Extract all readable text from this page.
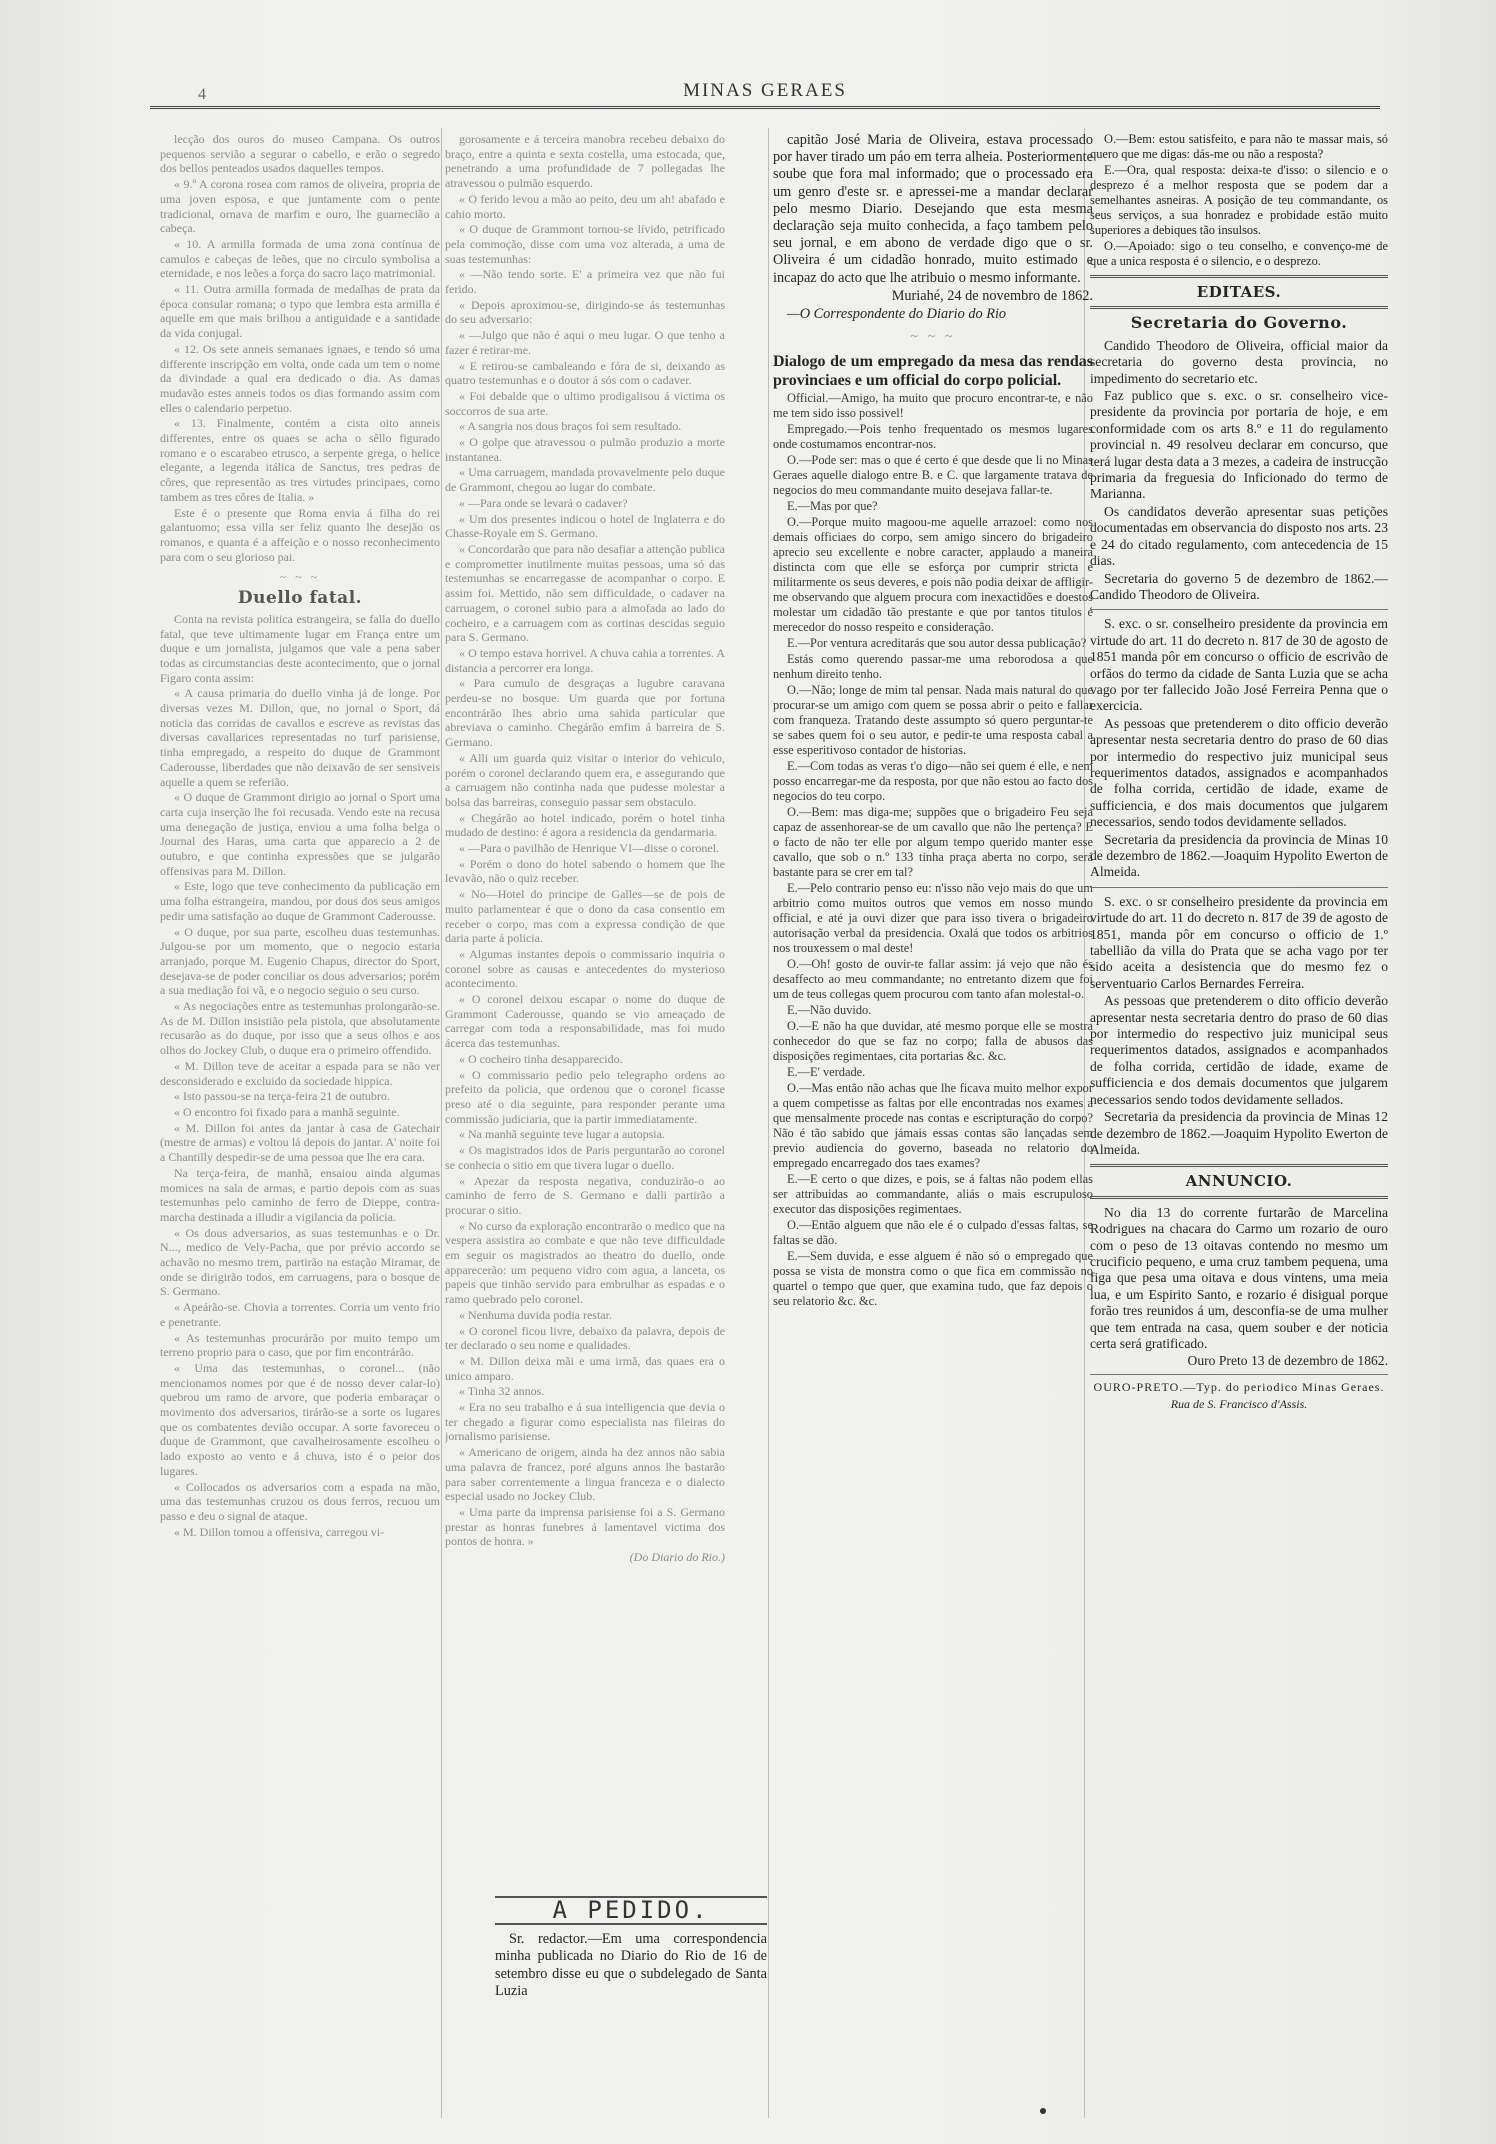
4	MINAS GERAES

lecção dos ouros do museo Campana. Os outros pequenos servião a segurar o cabello, e erão o segredo dos bellos penteados usados daquelles tempos.

« 9.º A corona rosea com ramos de oliveira, propria de uma joven esposa, e que juntamente com o pente tradicional, ornava de marfim e ouro, lhe guarnecião a cabeça.

« 10. A armilla formada de uma zona contínua de camulos e cabeças de leões, que no circulo symbolisa a eternidade, e nos leões a força do sacro laço matrimonial.

« 11. Outra armilla formada de medalhas de prata da época consular romana; o typo que lembra esta armilla é aquelle em que mais brilhou a antiguidade e a santidade da vida conjugal.

« 12. Os sete anneis semanaes ignaes, e tendo só uma differente inscripção em volta, onde cada um tem o nome da divindade a qual era dedicado o dia. As damas mudavão estes anneis todos os dias formando assim com elles o calendario perpetuo.

« 13. Finalmente, contém a cista oito anneis differentes, entre os quaes se acha o sêllo figurado romano e o escarabeo etrusco, a serpente grega, o helice elegante, a legenda itálica de Sanctus, tres pedras de côres, que representão as tres virtudes principaes, como tambem as tres côres de Italia. »

Este é o presente que Roma envia á filha do rei galantuomo; essa villa ser feliz quanto lhe desejão os romanos, e quanta é a affeição e o nosso reconhecimento para com o seu glorioso pai.

~ ~ ~
Duello fatal.

Conta na revista politica estrangeira, se falla do duello fatal, que teve ultimamente lugar em França entre um duque e um jornalista, julgamos que vale a pena saber todas as circumstancias deste acontecimento, que o jornal Figaro conta assim:

« A causa primaria do duello vinha já de longe. Por diversas vezes M. Dillon, que, no jornal o Sport, dá noticia das corridas de cavallos e escreve as revistas das diversas cavallarices representadas no turf parisiense, tinha empregado, a respeito do duque de Grammont Caderousse, liberdades que não deixavão de ser sensiveis aquelle a quem se referião.

« O duque de Grammont dirigio ao jornal o Sport uma carta cuja inserção lhe foi recusada. Vendo este na recusa uma denegação de justiça, enviou a uma folha belga o Journal des Haras, uma carta que apparecio a 2 de outubro, e que continha expressões que se julgarão offensivas para M. Dillon.

« Este, logo que teve conhecimento da publicação em uma folha estrangeira, mandou, por dous dos seus amigos pedir uma satisfação ao duque de Grammont Caderousse.

« O duque, por sua parte, escolheu duas testemunhas. Julgou-se por um momento, que o negocio estaria arranjado, porque M. Eugenio Chapus, director do Sport, desejava-se de poder conciliar os dous adversarios; porém a sua mediação foi vã, e o negocio seguio o seu curso.

« As negociações entre as testemunhas prolongarão-se. As de M. Dillon insistião pela pistola, que absolutamente recusarão as do duque, por isso que a seus olhos e aos olhos do Jockey Club, o duque era o primeiro offendido.

« M. Dillon teve de aceitar a espada para se não ver desconsiderado e excluido da sociedade hippica.

« Isto passou-se na terça-feira 21 de outubro.

« O encontro foi fixado para a manhã seguinte.

« M. Dillon foi antes da jantar à casa de Gatechair (mestre de armas) e voltou lá depois do jantar. A' noite foi a Chantilly despedir-se de uma pessoa que lhe era cara.

Na terça-feira, de manhã, ensaiou ainda algumas momices na sala de armas, e partio depois com as suas testemunhas pelo caminho de ferro de Dieppe, contra-marcha destinada a illudir a vigilancia da policia.

« Os dous adversarios, as suas testemunhas e o Dr. N..., medico de Vely-Pacha, que por prévio accordo se achavão no mesmo trem, partirão na estação Miramar, de onde se dirigirão todos, em carruagens, para o bosque de S. Germano.

« Apeárão-se. Chovia a torrentes. Corria um vento frio e penetrante.

« As testemunhas procurárão por muito tempo um terreno proprio para o caso, que por fim encontrárão.

« Uma das testemunhas, o coronel... (não mencionamos nomes por que é de nosso dever calar-lo) quebrou um ramo de arvore, que poderia embaraçar o movimento dos adversarios, tirárão-se a sorte os lugares que os combatentes devião occupar. A sorte favoreceu o duque de Grammont, que cavalheirosamente escolheu o lado exposto ao vento e á chuva, isto é o peior dos lugares.

« Collocados os adversarios com a espada na mão, uma das testemunhas cruzou os dous ferros, recuou um passo e deu o signal de ataque.

« M. Dillon tomou a offensiva, carregou vi-

gorosamente e á terceira manobra recebeu debaixo do braço, entre a quinta e sexta costella, uma estocada, que, penetrando a uma profundidade de 7 pollegadas lhe atravessou o pulmão esquerdo.

« O ferido levou a mão ao peito, deu um ah! abafado e cahio morto.

« O duque de Grammont tornou-se lívido, petrificado pela commoção, disse com uma voz alterada, a uma de suas testemunhas:

« —Não tendo sorte. E' a primeira vez que não fui ferido.

« Depois aproximou-se, dirigindo-se ás testemunhas do seu adversario:

« —Julgo que não é aqui o meu lugar. O que tenho a fazer é retirar-me.

« E retirou-se cambaleando e fóra de si, deixando as quatro testemunhas e o doutor á sós com o cadaver.

« Foi debalde que o ultimo prodigalisou á victima os soccorros de sua arte.

« A sangria nos dous braços foi sem resultado.

« O golpe que atravessou o pulmão produzio a morte instantanea.

« Uma carruagem, mandada provavelmente pelo duque de Grammont, chegou ao lugar do combate.

« —Para onde se levará o cadaver?

« Um dos presentes indicou o hotel de Inglaterra e do Chasse-Royale em S. Germano.

« Concordarão que para não desafiar a attenção publica e comprometter inutilmente muitas pessoas, uma só das testemunhas se encarregasse de acompanhar o corpo. E assim foi. Mettido, não sem difficuldade, o cadaver na carruagem, o coronel subio para a almofada ao lado do cocheiro, e a carruagem com as cortinas descidas seguio para S. Germano.

« O tempo estava horrivel. A chuva cahia a torrentes. A distancia a percorrer era longa.

« Para cumulo de desgraças a lugubre caravana perdeu-se no bosque. Um guarda que por fortuna encontrárão lhes abrio uma sahida particular que abreviava o caminho. Chegárão emfim á barreira de S. Germano.

« Alli um guarda quiz visitar o interior do vehiculo, porém o coronel declarando quem era, e assegurando que a carruagem não continha nada que pudesse molestar a bolsa das barreiras, conseguio passar sem obstaculo.

« Chegárão ao hotel indicado, porém o hotel tinha mudado de destino: é agora a residencia da gendarmaria.

« —Para o pavilhão de Henrique VI—disse o coronel.

« Porém o dono do hotel sabendo o homem que lhe levavão, não o quiz receber.

« No—Hotel do principe de Galles—se de pois de muito parlamentear é que o dono da casa consentio em receber o corpo, mas com a expressa condição de que daria parte á policia.

« Algumas instantes depois o commissario inquiria o coronel sobre as causas e antecedentes do mysterioso acontecimento.

« O coronel deixou escapar o nome do duque de Grammont Caderousse, quando se vio ameaçado de carregar com toda a responsabilidade, mas foi mudo ácerca das testemunhas.

« O cocheiro tinha desapparecido.

« O commissario pedio pelo telegrapho ordens ao prefeito da policia, que ordenou que o coronel ficasse preso até o dia seguinte, para responder perante uma commissão judiciaria, que ia partir immediatamente.

« Na manhã seguinte teve lugar a autopsia.

« Os magistrados idos de Paris perguntarão ao coronel se conhecia o sitio em que tivera lugar o duello.

« Apezar da resposta negativa, conduzirão-o ao caminho de ferro de S. Germano e dalli partirão a procurar o sitio.

« No curso da exploração encontrarão o medico que na vespera assistira ao combate e que não teve difficuldade em seguir os magistrados ao theatro do duello, onde apparecerão: um pequeno vidro com agua, a lanceta, os papeis que tinhão servido para embrulhar as espadas e o ramo quebrado pelo coronel.

« Nenhuma duvida podia restar.

« O coronel ficou livre, debaixo da palavra, depois de ter declarado o seu nome e qualidades.

« M. Dillon deixa mãi e uma irmã, das quaes era o unico amparo.

« Tinha 32 annos.

« Era no seu trabalho e á sua intelligencia que devia o ter chegado a figurar como especialista nas fileiras do jornalismo parisiense.

« Americano de origem, ainda ha dez annos não sabia uma palavra de francez, poré alguns annos lhe bastarão para saber correntemente a lingua franceza e o dialecto especial usado no Jockey Club.

« Uma parte da imprensa parisiense foi a S. Germano prestar as honras funebres á lamentavel victima dos pontos de honra. »

(Do Diario do Rio.)

A PEDIDO.

Sr. redactor.—Em uma correspondencia minha publicada no Diario do Rio de 16 de setembro disse eu que o subdelegado de Santa Luzia

capitão José Maria de Oliveira, estava processado por haver tirado um páo em terra alheia. Posteriormente soube que fora mal informado; que o processado era um genro d'este sr. e apressei-me a mandar declarar pelo mesmo Diario. Desejando que esta mesma declaração seja muito conhecida, a faço tambem pelo seu jornal, e em abono de verdade digo que o sr. Oliveira é um cidadão honrado, muito estimado e incapaz do acto que lhe atribuio o mesmo informante.

Muriahé, 24 de novembro de 1862.

—O Correspondente do Diario do Rio

~ ~ ~

Dialogo de um empregado da mesa das rendas provinciaes e um official do corpo policial.

Official.—Amigo, ha muito que procuro encontrar-te, e não me tem sido isso possivel!

Empregado.—Pois tenho frequentado os mesmos lugares onde costumamos encontrar-nos.

O.—Pode ser: mas o que é certo é que desde que li no Minas Geraes aquelle dialogo entre B. e C. que largamente tratava de negocios do meu commandante muito desejava fallar-te.

E.—Mas por que?

O.—Porque muito magoou-me aquelle arrazoel: como nos demais officiaes do corpo, sem amigo sincero do brigadeiro aprecio seu excellente e nobre caracter, applaudo a maneira distincta com que elle se esforça por cumprir stricta e militarmente os seus deveres, e pois não podia deixar de affligir-me observando que alguem procura com inexactidões e doestos molestar um cidadão tão prestante e que por tantos titulos é merecedor do nosso respeito e consideração.

E.—Por ventura acreditarás que sou autor dessa publicação?

Estás como querendo passar-me uma reborodosa a que nenhum direito tenho.

O.—Não; longe de mim tal pensar. Nada mais natural do que procurar-se um amigo com quem se possa abrir o peito e fallar com franqueza. Tratando deste assumpto só quero perguntar-te se sabes quem foi o seu autor, e pedir-te uma resposta cabal a esse esperitivoso contador de historias.

E.—Com todas as veras t'o digo—não sei quem é elle, e nem posso encarregar-me da resposta, por que não estou ao facto dos negocios do teu corpo.

O.—Bem: mas diga-me; suppões que o brigadeiro Feu seja capaz de assenhorear-se de um cavallo que não lhe pertença? E o facto de não ter elle por algum tempo querido manter esse cavallo, que sob o n.º 133 tinha praça aberta no corpo, será bastante para se crer em tal?

E.—Pelo contrario penso eu: n'isso não vejo mais do que um arbitrio como muitos outros que vemos em nosso mundo official, e até ja ouvi dizer que para isso tivera o brigadeiro autorisação verbal da presidencia. Oxalá que todos os arbitrios nos trouxessem o mal deste!

O.—Oh! gosto de ouvir-te fallar assim: já vejo que não és desaffecto ao meu commandante; no entretanto dizem que foi um de teus collegas quem procurou com tanto afan molestal-o.

E.—Não duvido.

O.—E não ha que duvidar, até mesmo porque elle se mostra conhecedor do que se faz no corpo; falla de abusos das disposições regimentaes, cita portarias &c. &c.

E.—E' verdade.

O.—Mas então não achas que lhe ficava muito melhor expor a quem competisse as faltas por elle encontradas nos exames a que mensalmente procede nas contas e escripturação do corpo? Não é tão sabido que jámais essas contas são lançadas sem previo audiencia do governo, baseada no relatorio do empregado encarregado dos taes exames?

E.—E certo o que dizes, e pois, se á faltas não podem ellas ser attribuidas ao commandante, aliás o mais escrupuloso executor das disposições regimentaes.

O.—Então alguem que não ele é o culpado d'essas faltas, se faltas se dão.

E.—Sem duvida, e esse alguem é não só o empregado que possa se vista de monstra como o que fica em commissão no quartel o tempo que quer, que examina tudo, que faz depois o seu relatorio &c. &c.

O.—Bem: estou satisfeito, e para não te massar mais, só quero que me digas: dás-me ou não a resposta?

E.—Ora, qual resposta: deixa-te d'isso: o silencio e o desprezo é a melhor resposta que se podem dar a semelhantes asneiras. A posição de teu commandante, os seus serviços, a sua honradez e probidade estão muito superiores a debiques tão insulsos.

O.—Apoiado: sigo o teu conselho, e convenço-me de que a unica resposta é o silencio, e o desprezo.

EDITAES.
Secretaria do Governo.

Candido Theodoro de Oliveira, official maior da secretaria do governo desta provincia, no impedimento do secretario etc.

Faz publico que s. exc. o sr. conselheiro vice-presidente da provincia por portaria de hoje, e em conformidade com os arts 8.º e 11 do regulamento provincial n. 49 resolveu declarar em concurso, que terá lugar desta data a 3 mezes, a cadeira de instrucção primaria da freguesia do Inficionado do termo de Marianna.

Os candidatos deverão apresentar suas petições documentadas em observancia do disposto nos arts. 23 e 24 do citado regulamento, com antecedencia de 15 dias.

Secretaria do governo 5 de dezembro de 1862.—Candido Theodoro de Oliveira.

S. exc. o sr. conselheiro presidente da provincia em virtude do art. 11 do decreto n. 817 de 30 de agosto de 1851 manda pôr em concurso o officio de escrivão de orfãos do termo da cidade de Santa Luzia que se acha vago por ter fallecido João José Ferreira Penna que o exercicia.

As pessoas que pretenderem o dito officio deverão apresentar nesta secretaria dentro do praso de 60 dias por intermedio do respectivo juiz municipal seus requerimentos datados, assignados e acompanhados de folha corrida, certidão de idade, exame de sufficiencia, e dos mais documentos que julgarem necessarios, sendo todos devidamente sellados.

Secretaria da presidencia da provincia de Minas 10 de dezembro de 1862.—Joaquim Hypolito Ewerton de Almeida.

S. exc. o sr conselheiro presidente da provincia em virtude do art. 11 do decreto n. 817 de 39 de agosto de 1851, manda pôr em concurso o officio de 1.º tabellião da villa do Prata que se acha vago por ter sido aceita a desistencia que do mesmo fez o serventuario Carlos Bernardes Ferreira.

As pessoas que pretenderem o dito officio deverão apresentar nesta secretaria dentro do praso de 60 dias por intermedio do respectivo juiz municipal seus requerimentos datados, assignados e acompanhados de folha corrida, certidão de idade, exame de sufficiencia e dos demais documentos que julgarem necessarios sendo todos devidamente sellados.

Secretaria da presidencia da provincia de Minas 12 de dezembro de 1862.—Joaquim Hypolito Ewerton de Almeida.

ANNUNCIO.

No dia 13 do corrente furtarão de Marcelina Rodrigues na chacara do Carmo um rozario de ouro com o peso de 13 oitavas contendo no mesmo um crucificio pequeno, e uma cruz tambem pequena, uma figa que pesa uma oitava e dous vintens, uma meia lua, e um Espirito Santo, e rozario é disigual porque forão tres reunidos á um, desconfia-se de uma mulher que tem entrada na casa, quem souber e der noticia certa será gratificado.

Ouro Preto 13 de dezembro de 1862.

OURO-PRETO.—Typ. do periodico Minas Geraes.

Rua de S. Francisco d'Assis.
